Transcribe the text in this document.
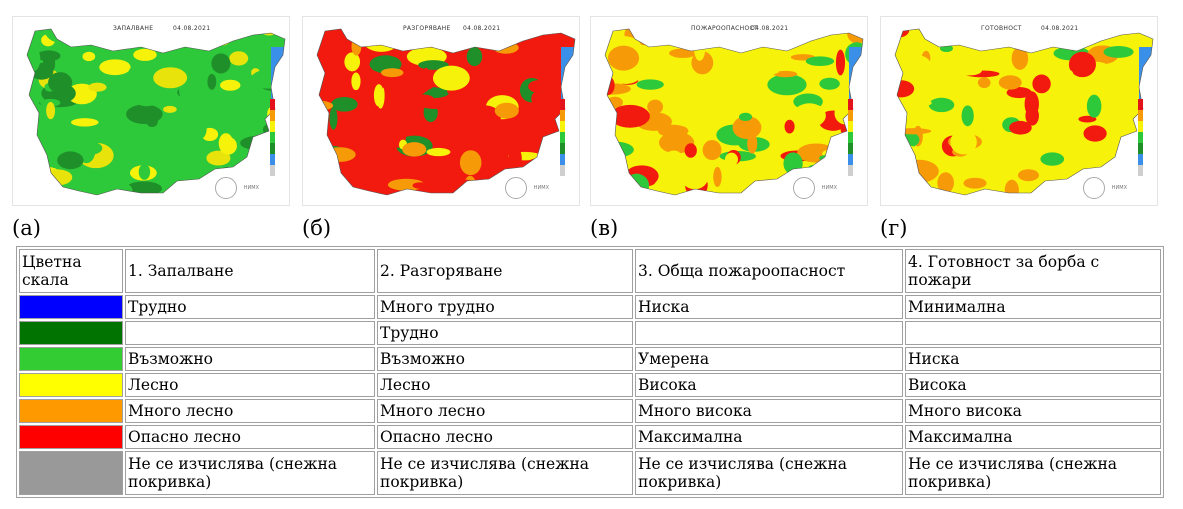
ЗАПАЛВАНЕ	04.08.2021
НИМХ
РАЗГОРЯВАНЕ 04.08.2021
НИМХ
ПОЖАРООПАСНОСТ
04.08.2021
НИМХ
ГОТОВНОСТ	04.08.2021
НИМХ
(а)	(б)	(в)	(г)
Цветна скала	1. Запалване	2. Разгоряване	3. Обща пожароопасност	4. Готовност за борба с пожари

	Трудно	Много трудно	Ниска	Минимална

		Трудно		

	Възможно	Възможно	Умерена	Ниска

	Лесно	Лесно	Висока	Висока

	Много лесно	Много лесно	Много висока	Много висока

	Опасно лесно	Опасно лесно	Максимална	Максимална

	Не се изчислява (снежна покривка)	Не се изчислява (снежна покривка)	Не се изчислява (снежна покривка)	Не се изчислява (снежна покривка)
